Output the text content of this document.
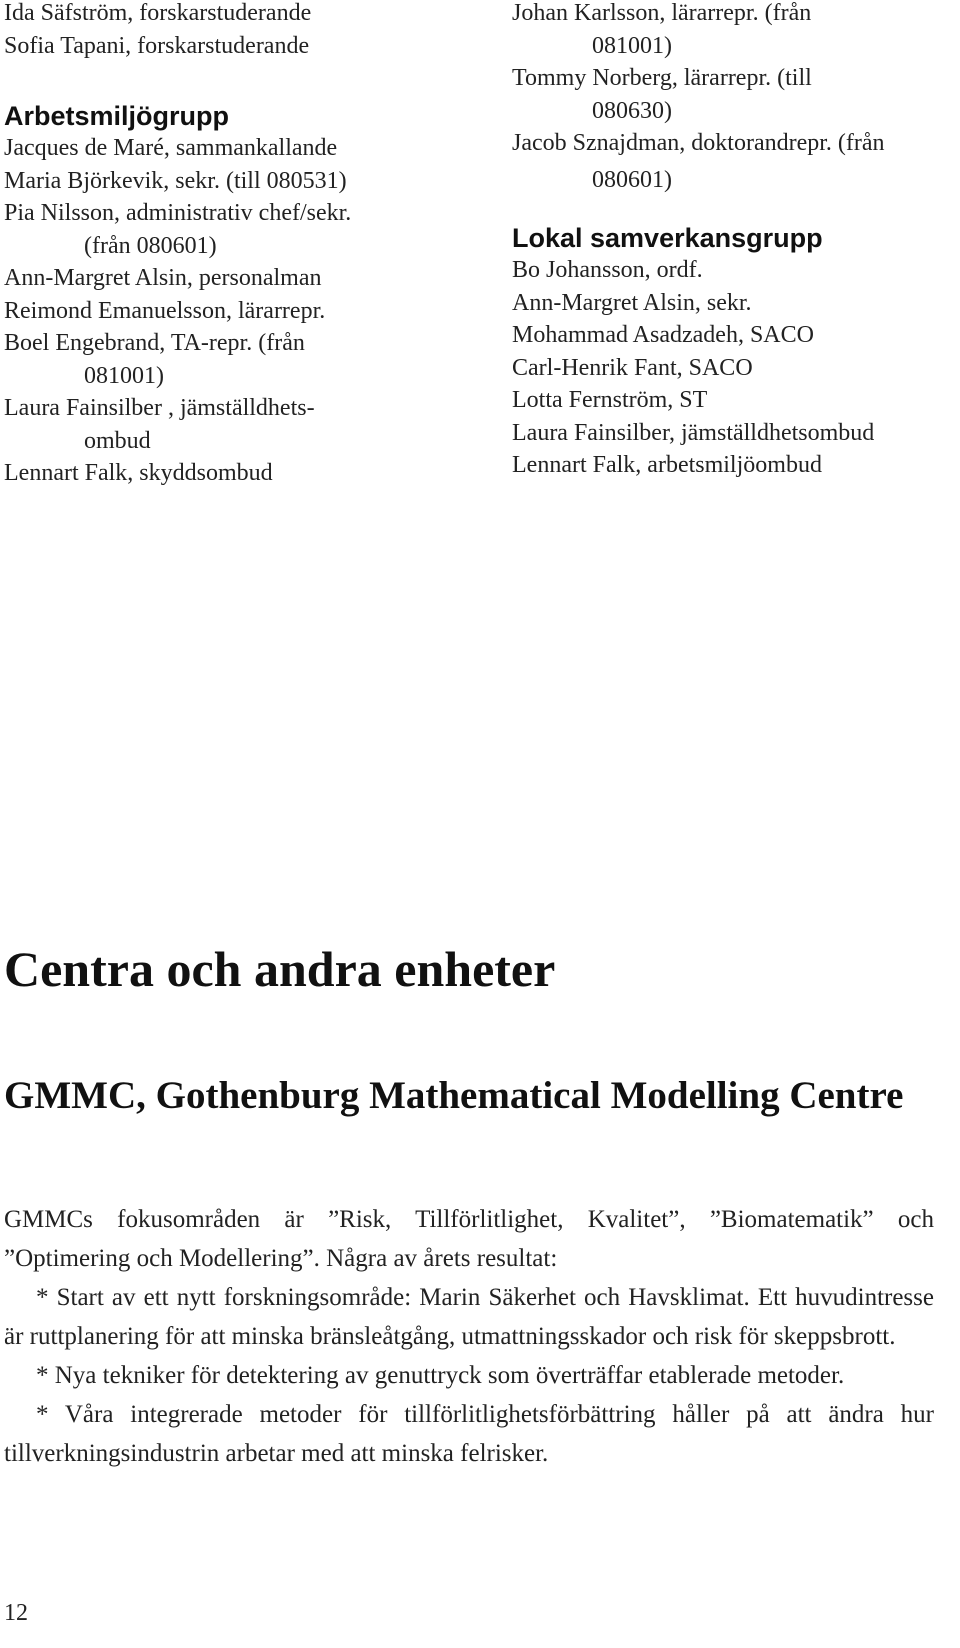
Ida Säfström, forskarstuderande
Sofia Tapani, forskarstuderande
Arbetsmiljögrupp
Jacques de Maré, sammankallande
Maria Björkevik, sekr. (till 080531)
Pia Nilsson, administrativ chef/sekr.
(från 080601)
Ann-Margret Alsin, personalman
Reimond Emanuelsson, lärarrepr.
Boel Engebrand, TA-repr. (från
081001)
Laura Fainsilber , jämställdhets-
ombud
Lennart Falk, skyddsombud
Johan Karlsson, lärarrepr. (från
081001)
Tommy Norberg, lärarrepr. (till
080630)
Jacob Sznajdman, doktorandrepr. (från
080601)
Lokal samverkansgrupp
Bo Johansson, ordf.
Ann-Margret Alsin, sekr.
Mohammad Asadzadeh, SACO
Carl-Henrik Fant, SACO
Lotta Fernström, ST
Laura Fainsilber, jämställdhetsombud
Lennart Falk, arbetsmiljöombud
Centra och andra enheter
GMMC, Gothenburg Mathematical Modelling Centre

GMMCs fokusområden är ”Risk, Tillförlitlighet, Kvalitet”, ”Biomatematik” och ”Optimering och Modellering”. Några av årets resultat:

* Start av ett nytt forskningsområde: Marin Säkerhet och Havsklimat. Ett huvudintresse är ruttplanering för att minska bränsleåtgång, utmattningsskador och risk för skeppsbrott.

* Nya tekniker för detektering av genuttryck som överträffar etablerade metoder.

* Våra integrerade metoder för tillförlitlighetsförbättring håller på att ändra hur tillverkningsindustrin arbetar med att minska felrisker.

12
